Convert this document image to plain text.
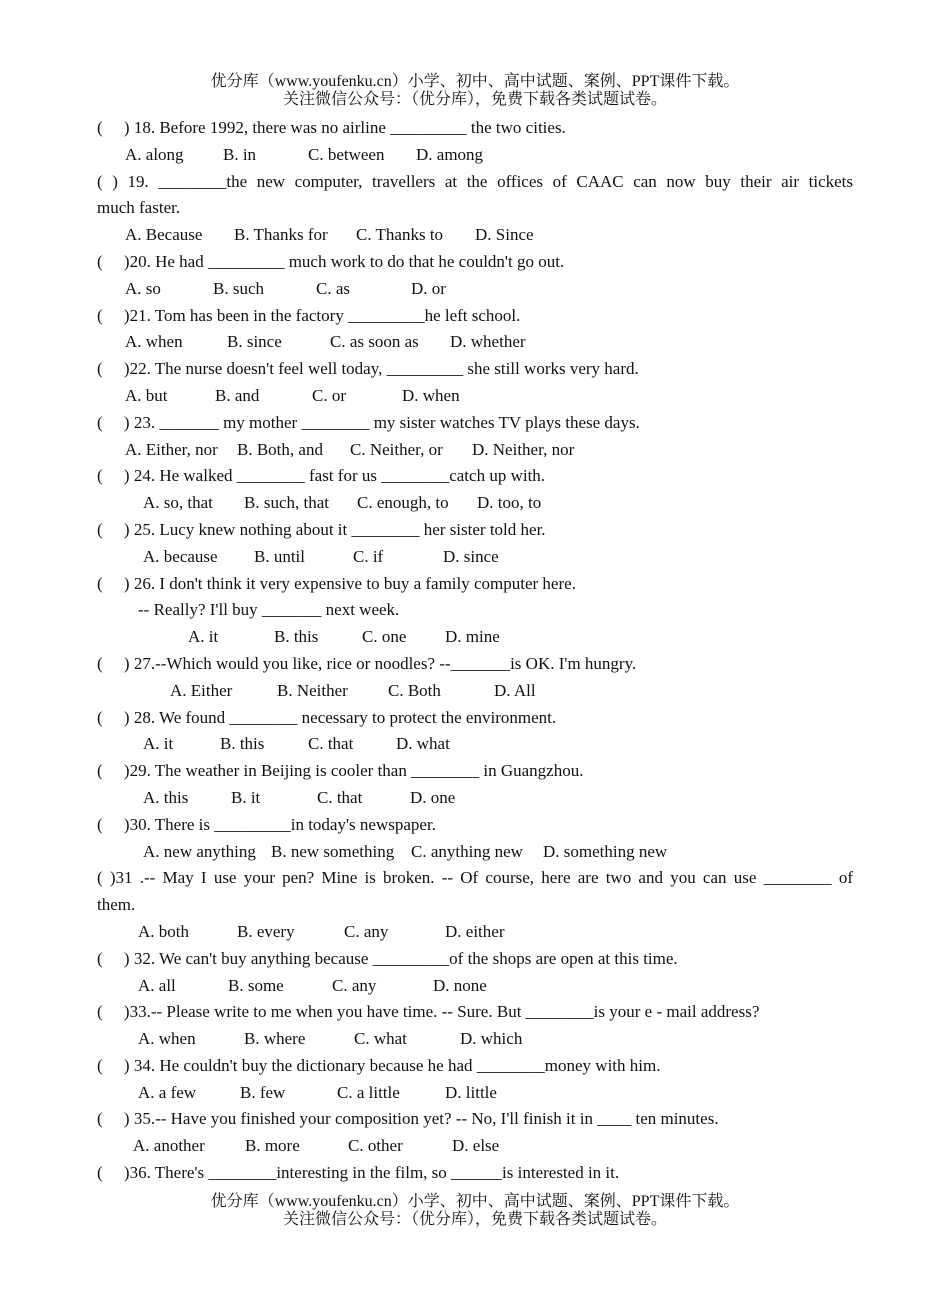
优分库（www.youfenku.cn）小学、初中、高中试题、案例、PPT课件下载。
关注微信公众号：（优分库），免费下载各类试题试卷。
(     ) 18. Before 1992, there was no airline _________ the two cities.

A. along

B. in

	C. between

D. among

( ) 19. ________the new computer, travellers at the offices of CAAC can now buy their air tickets
much faster.

A. Because

B. Thanks for

C. Thanks to

D. Since

(     )20. He had _________ much work to do that he couldn't go out.

A. so

	B. such

	C. as

	D. or

(     )21. Tom has been in the factory _________he left school.

A. when

	B. since

	C. as soon as

D. whether

(     )22. The nurse doesn't feel well today, _________ she still works very hard.

A. but

	B. and

	C. or

	D. when

(     ) 23. _______ my mother ________ my sister watches TV plays these days.

A. Either, nor

B. Both, and

C. Neither, or

D. Neither, nor

(     ) 24. He walked ________ fast for us ________catch up with.

A. so, that

B. such, that

C. enough, to

D. too, to

(     ) 25. Lucy knew nothing about it ________ her sister told her.

A. because

B. until

	C. if

	D. since

(     ) 26. I don't think it very expensive to buy a family computer here.
-- Really? I'll buy _______ next week.

A. it

	B. this

	C. one

D. mine

(     ) 27.--Which would you like, rice or noodles? --_______is OK. I'm hungry.

A. Either

	B. Neither

C. Both

	D. All

(     ) 28. We found ________ necessary to protect the environment.

A. it

	B. this

	C. that

	D. what

(     )29. The weather in Beijing is cooler than ________ in Guangzhou.

A. this

	B. it

	C. that

	D. one

(     )30. There is _________in today's newspaper.

A. new anything

B. new something

C. anything new

D. something new

( )31 .-- May I use your pen? Mine is broken. -- Of course, here are two and you can use ________ of
them.

A. both

	B. every

	C. any

	D. either

(     ) 32. We can't buy anything because _________of the shops are open at this time.

A. all

	B. some

	C. any

	D. none

(     )33.-- Please write to me when you have time. -- Sure. But ________is your e - mail address?

A. when

	B. where

	C. what

	D. which

(     ) 34. He couldn't buy the dictionary because he had ________money with him.

A. a few

	B. few

	C. a little

	D. little

(     ) 35.-- Have you finished your composition yet? -- No, I'll finish it in ____ ten minutes.

A. another

B. more

	C. other

	D. else

(     )36. There's ________interesting in the film, so ______is interested in it.
优分库（www.youfenku.cn）小学、初中、高中试题、案例、PPT课件下载。
关注微信公众号：（优分库），免费下载各类试题试卷。
